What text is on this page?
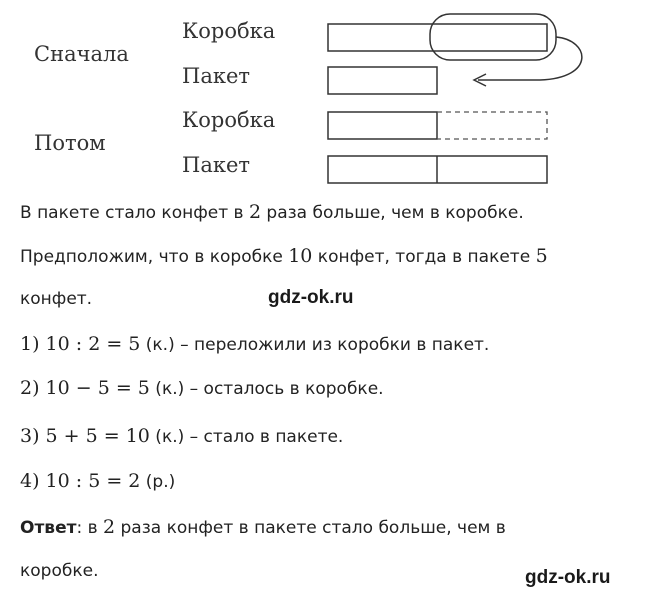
Сначала
Потом
Коробка
Пакет
Коробка
Пакет
В пакете стало конфет в 2 раза больше, чем в коробке.
Предположим, что в коробке 10 конфет, тогда в пакете 5
конфет.	gdz-ok.ru
1) 10 : 2 = 5 (к.) – переложили из коробки в пакет.
2) 10 − 5 = 5 (к.) – осталось в коробке.
3) 5 + 5 = 10 (к.) – стало в пакете.
4) 10 : 5 = 2 (р.)
Ответ: в 2 раза конфет в пакете стало больше, чем в
коробке.	gdz-ok.ru
